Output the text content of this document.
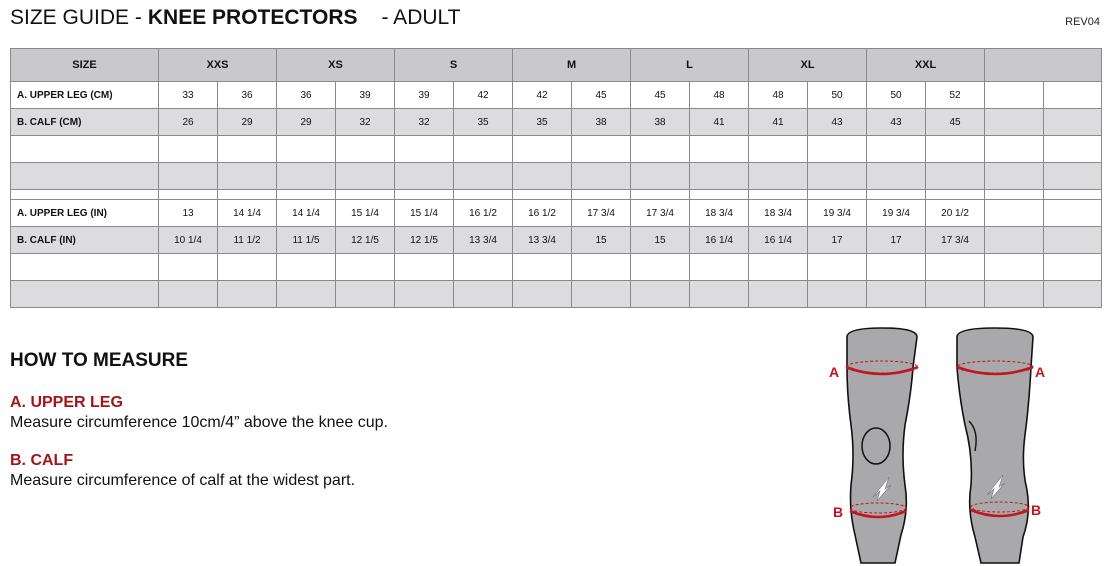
SIZE GUIDE - KNEE PROTECTORS - ADULT	REV04
SIZE	XXS		XS		S		M		L		XL		XXL			
A. UPPER LEG (CM)	33	36	36	39	39	42	42	45	45	48	48	50	50	52		
B. CALF (CM)	26	29	29	32	32	35	35	38	38	41	41	43	43	45		

A. UPPER LEG (IN)	13	14 1/4	14 1/4	15 1/4	15 1/4	16 1/2	16 1/2	17 3/4	17 3/4	18 3/4	18 3/4	19 3/4	19 3/4	20 1/2		
B. CALF (IN)	10 1/4	11 1/2	11 1/5	12 1/5	12 1/5	13 3/4	13 3/4	15	15	16 1/4	16 1/4	17	17	17 3/4		

HOW TO MEASURE
A. UPPER LEG
Measure circumference 10cm/4” above the knee cup.
B. CALF
Measure circumference of calf at the widest part.
A	A
B	B
